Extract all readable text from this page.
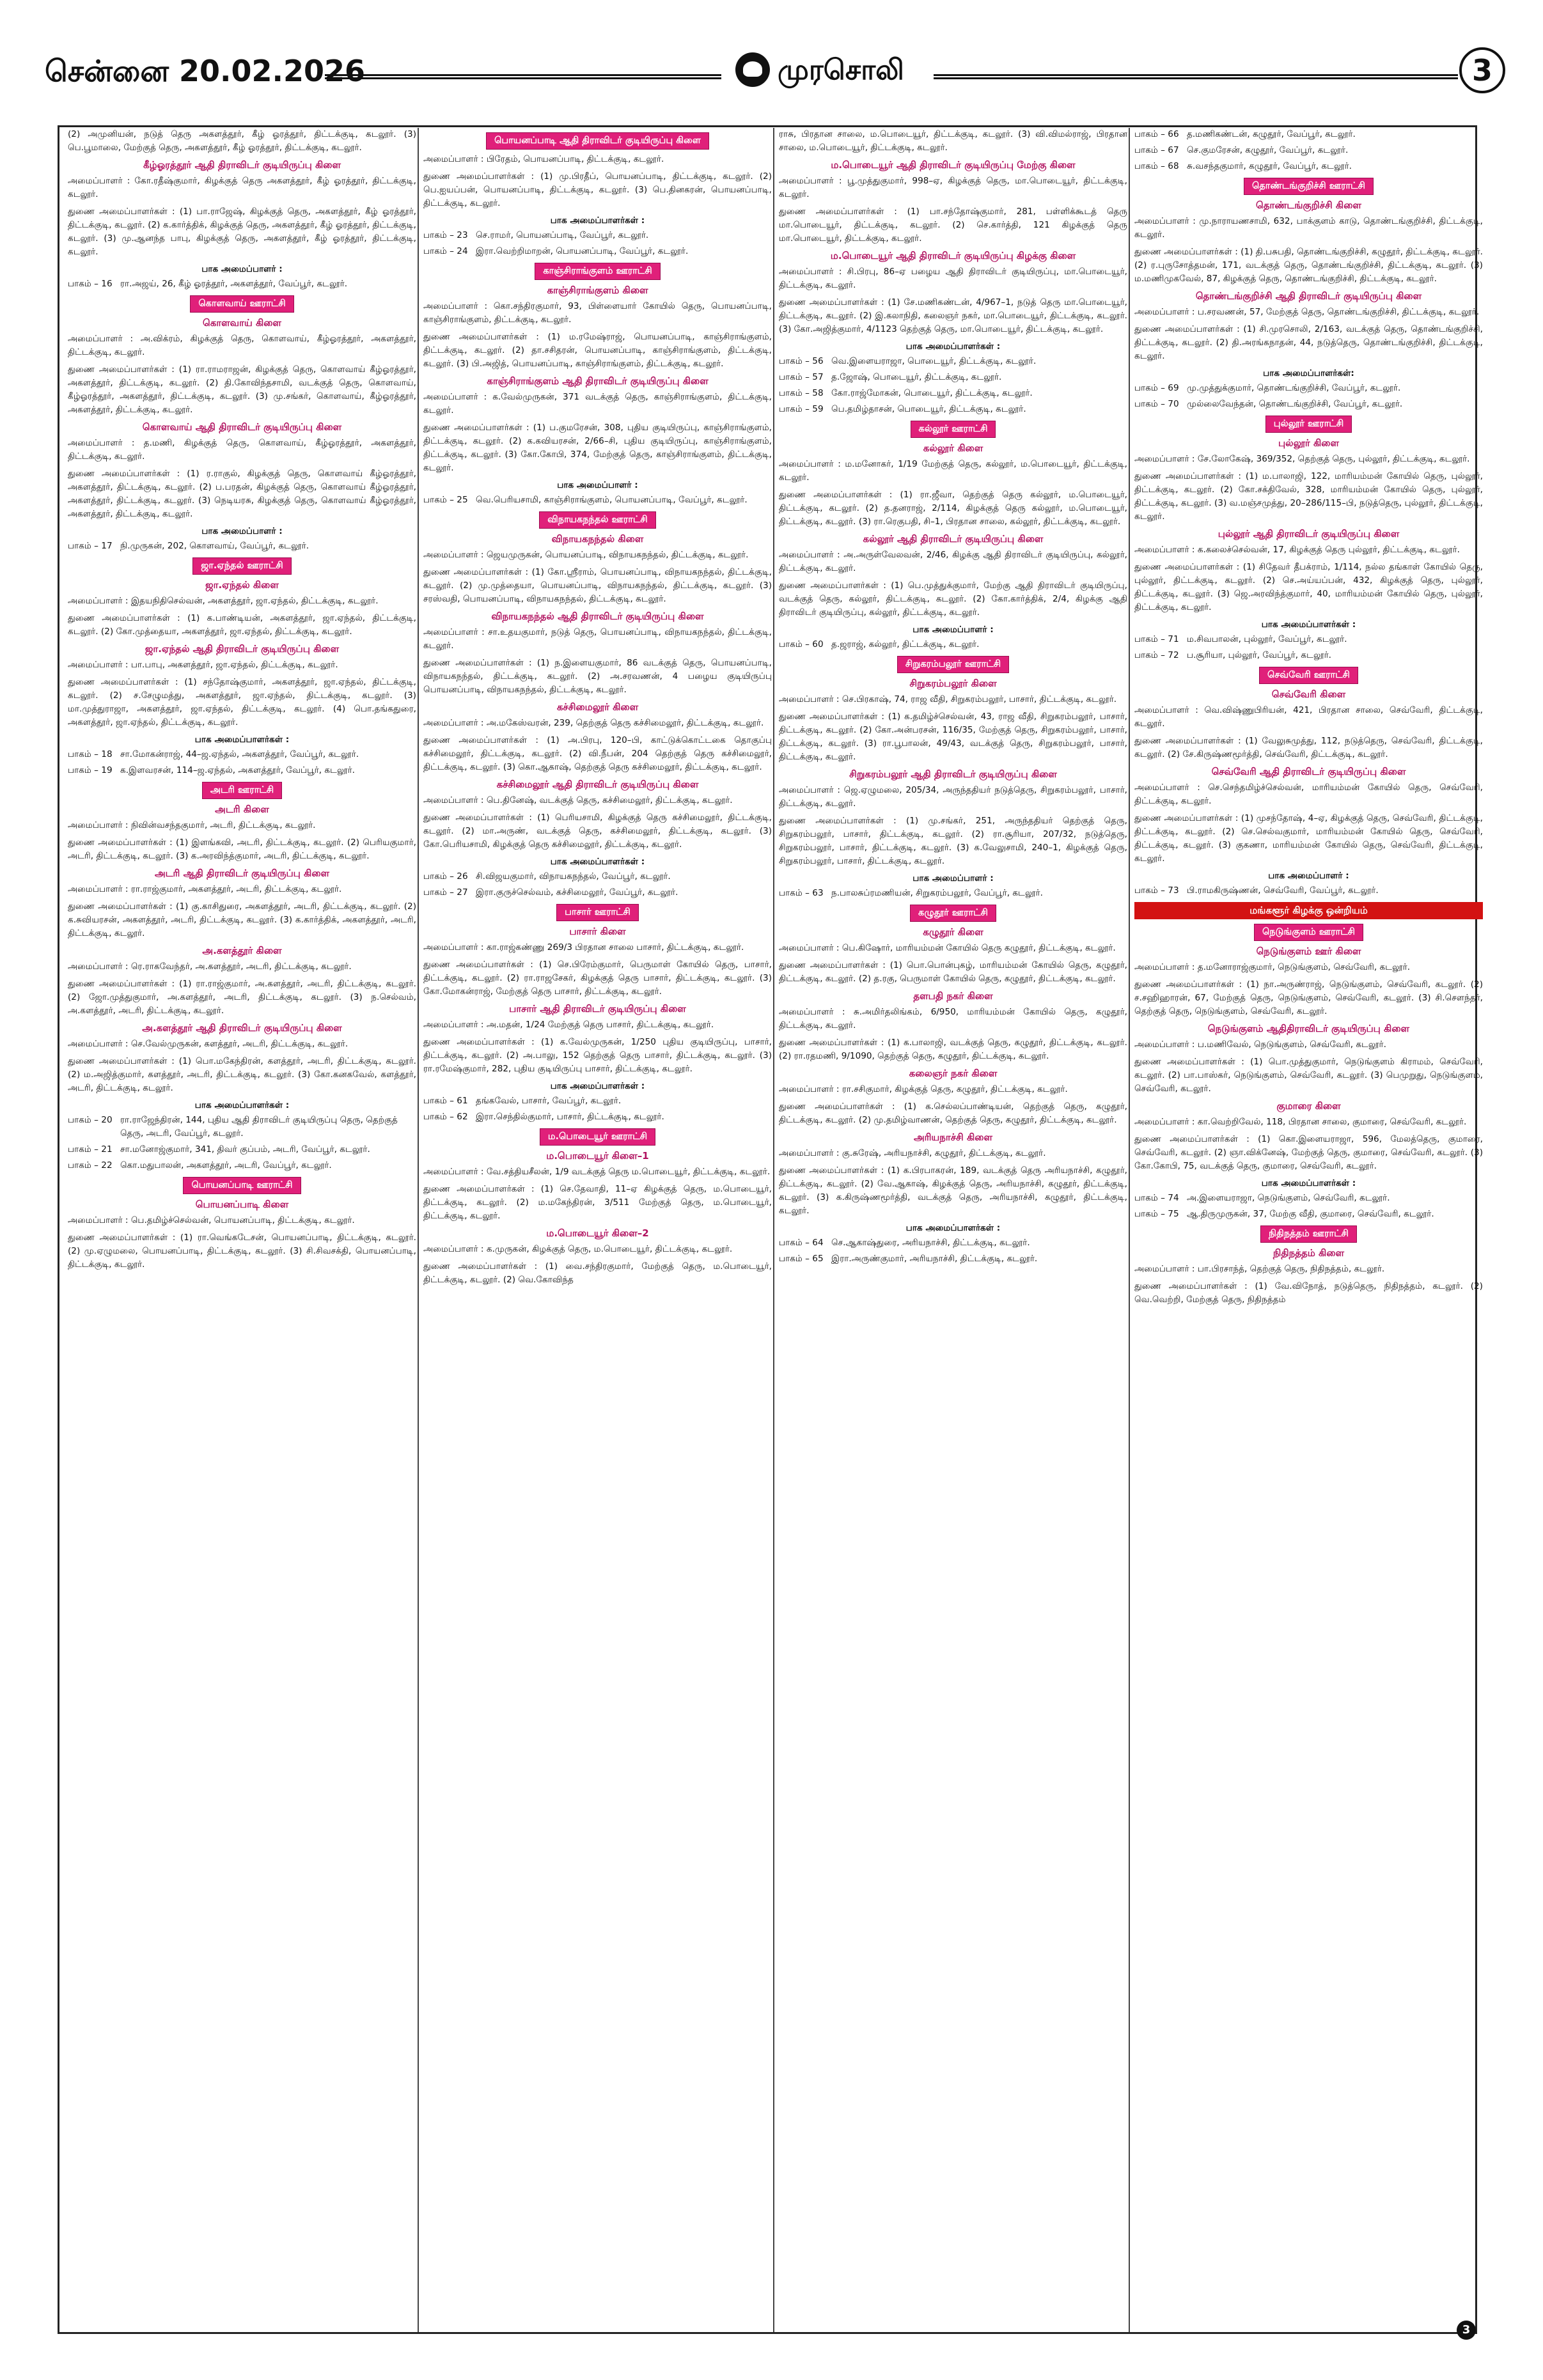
சென்னை 20.02.2026	முரசொலி	3
(2) அமுனியன், நடுத் தெரு அகளத்தூர், கீழ் ஓரத்தூர், திட்டக்குடி, கடலூர். (3) பெ.பூமாலை, மேற்குத் தெரு, அகளத்தூர், கீழ் ஓரத்தூர், திட்டக்குடி, கடலூர்.
கீழ்ஓரத்தூர் ஆதி திராவிடர் குடியிருப்பு கிளை
அமைப்பாளர் : கோ.ரதீஷ்குமார், கிழக்குத் தெரு அகளத்தூர், கீழ் ஓரத்தூர், திட்டக்குடி, கடலூர்.
துணை அமைப்பாளர்கள் : (1) பா.ராஜேஷ், கிழக்குத் தெரு, அகளத்தூர், கீழ் ஓரத்தூர், திட்டக்குடி, கடலூர். (2) க.கார்த்திக், கிழக்குத் தெரு, அகளத்தூர், கீழ் ஓரத்தூர், திட்டக்குடி, கடலூர். (3) மு.ஆனந்த பாபு, கிழக்குத் தெரு, அகளத்தூர், கீழ் ஓரத்தூர், திட்டக்குடி, கடலூர்.
பாக அமைப்பாளர் :
பாகம் – 16 ரா.அஜய், 26, கீழ் ஓரத்தூர், அகளத்தூர், வேப்பூர், கடலூர்.
கொளவாய் ஊராட்சி
கொளவாய் கிளை
அமைப்பாளர் : அ.விக்ரம், கிழக்குத் தெரு, கொளவாய், கீழ்ஓரத்தூர், அகளத்தூர், திட்டக்குடி, கடலூர்.
துணை அமைப்பாளர்கள் : (1) ரா.ராமராஜன், கிழக்குத் தெரு, கொளவாய் கீழ்ஓரத்தூர், அகளத்தூர், திட்டக்குடி, கடலூர். (2) தி.கோவிந்தசாமி, வடக்குத் தெரு, கொளவாய், கீழ்ஓரத்தூர், அகளத்தூர், திட்டக்குடி, கடலூர். (3) மு.சங்கர், கொளவாய், கீழ்ஓரத்தூர், அகளத்தூர், திட்டக்குடி, கடலூர்.
கொளவாய் ஆதி திராவிடர் குடியிருப்பு கிளை
அமைப்பாளர் : த.மணி, கிழக்குத் தெரு, கொளவாய், கீழ்ஓரத்தூர், அகளத்தூர், திட்டக்குடி, கடலூர்.
துணை அமைப்பாளர்கள் : (1) ர.ராகுல், கிழக்குத் தெரு, கொளவாய் கீழ்ஓரத்தூர், அகளத்தூர், திட்டக்குடி, கடலூர். (2) ப.பரதன், கிழக்குத் தெரு, கொளவாய் கீழ்ஓரத்தூர், அகளத்தூர், திட்டக்குடி, கடலூர். (3) நெடியரசு, கிழக்குத் தெரு, கொளவாய் கீழ்ஓரத்தூர், அகளத்தூர், திட்டக்குடி, கடலூர்.
பாக அமைப்பாளர் :
பாகம் – 17 நி.முருகன், 202, கொளவாய், வேப்பூர், கடலூர்.
ஜா.ஏந்தல் ஊராட்சி
ஜா.ஏந்தல் கிளை
அமைப்பாளர் : இதயநிதிசெல்வன், அகளத்தூர், ஜா.ஏந்தல், திட்டக்குடி, கடலூர்.
துணை அமைப்பாளர்கள் : (1) க.பாண்டியன், அகளத்தூர், ஜா.ஏந்தல், திட்டக்குடி, கடலூர். (2) கோ.முத்தையா, அகளத்தூர், ஜா.ஏந்தல், திட்டக்குடி, கடலூர்.
ஜா.ஏந்தல் ஆதி திராவிடர் குடியிருப்பு கிளை
அமைப்பாளர் : பா.பாபு, அகளத்தூர், ஜா.ஏந்தல், திட்டக்குடி, கடலூர்.
துணை அமைப்பாளர்கள் : (1) சந்தோஷ்குமார், அகளத்தூர், ஜா.ஏந்தல், திட்டக்குடி, கடலூர். (2) ச.சேழுமத்து, அகளத்தூர், ஜா.ஏந்தல், திட்டக்குடி, கடலூர். (3) மா.முத்துராஜா, அகளத்தூர், ஜா.ஏந்தல், திட்டக்குடி, கடலூர். (4) பொ.தங்கதுரை, அகளத்தூர், ஜா.ஏந்தல், திட்டக்குடி, கடலூர்.
பாக அமைப்பாளர்கள் :
பாகம் – 18 சா.மோகன்ராஜ், 44–ஜ.ஏந்தல், அகளத்தூர், வேப்பூர், கடலூர்.
பாகம் – 19 க.இளவரசன், 114–ஜ.ஏந்தல், அகளத்தூர், வேப்பூர், கடலூர்.
அடரி ஊராட்சி
அடரி கிளை
அமைப்பாளர் : நிவின்வசந்தகுமார், அடரி, திட்டக்குடி, கடலூர்.
துணை அமைப்பாளர்கள் : (1) இளங்கவி, அடரி, திட்டக்குடி, கடலூர். (2) பெரியகுமார், அடரி, திட்டக்குடி, கடலூர். (3) க.அரவிந்த்குமார், அடரி, திட்டக்குடி, கடலூர்.
அடரி ஆதி திராவிடர் குடியிருப்பு கிளை
அமைப்பாளர் : ரா.ராஜ்குமார், அகளத்தூர், அடரி, திட்டக்குடி, கடலூர்.
துணை அமைப்பாளர்கள் : (1) கு.காசிதுரை, அகளத்தூர், அடரி, திட்டக்குடி, கடலூர். (2) க.சுவியரசன், அகளத்தூர், அடரி, திட்டக்குடி, கடலூர். (3) க.கார்த்திக், அகளத்தூர், அடரி, திட்டக்குடி, கடலூர்.
அ.களத்தூர் கிளை
அமைப்பாளர் : ரெ.ராகவேந்தர், அ.களத்தூர், அடரி, திட்டக்குடி, கடலூர்.
துணை அமைப்பாளர்கள் : (1) ரா.ராஜ்குமார், அ.களத்தூர், அடரி, திட்டக்குடி, கடலூர். (2) ஜோ.முத்துகுமார், அ.களத்தூர், அடரி, திட்டக்குடி, கடலூர். (3) ந.செல்வம், அ.களத்தூர், அடரி, திட்டக்குடி, கடலூர்.
அ.களத்தூர் ஆதி திராவிடர் குடியிருப்பு கிளை
அமைப்பாளர் : செ.வேல்முருகன், களத்தூர், அடரி, திட்டக்குடி, கடலூர்.
துணை அமைப்பாளர்கள் : (1) பொ.மகேந்திரன், களத்தூர், அடரி, திட்டக்குடி, கடலூர். (2) ம.அஜித்குமார், களத்தூர், அடரி, திட்டக்குடி, கடலூர். (3) கோ.கனகவேல், களத்தூர், அடரி, திட்டக்குடி, கடலூர்.
பாக அமைப்பாளர்கள் :
பாகம் – 20 ரா.ராஜேந்திரன், 144, புதிய ஆதி திராவிடர் குடியிருப்பு தெரு, தெற்குத் தெரு, அடரி, வேப்பூர், கடலூர்.
பாகம் – 21 சா.மனோஜ்குமார், 341, திவர் குப்பம், அடரி, வேப்பூர், கடலூர்.
பாகம் – 22 கொ.மதுபாலன், அகளத்தூர், அடரி, வேப்பூர், கடலூர்.
பொயனப்பாடி ஊராட்சி
பொயனப்பாடி கிளை
அமைப்பாளர் : பெ.தமிழ்ச்செல்வன், பொயனப்பாடி, திட்டக்குடி, கடலூர்.
துணை அமைப்பாளர்கள் : (1) ரா.வெங்கடேசன், பொயனப்பாடி, திட்டக்குடி, கடலூர். (2) மு.ஏழுமலை, பொயனப்பாடி, திட்டக்குடி, கடலூர். (3) சி.சிவசக்தி, பொயனப்பாடி, திட்டக்குடி, கடலூர்.
பொயனப்பாடி ஆதி திராவிடர் குடியிருப்பு கிளை
அமைப்பாளர் : பிரேதம், பொயனப்பாடி, திட்டக்குடி, கடலூர்.
துணை அமைப்பாளர்கள் : (1) மு.பிரதீப், பொயனப்பாடி, திட்டக்குடி, கடலூர். (2) பெ.ஐயப்பன், பொயனப்பாடி, திட்டக்குடி, கடலூர். (3) பெ.தினகரன், பொயனப்பாடி, திட்டக்குடி, கடலூர்.
பாக அமைப்பாளர்கள் :
பாகம் – 23 செ.ராமர், பொயனப்பாடி, வேப்பூர், கடலூர்.
பாகம் – 24 இரா.வெற்றிமாறன், பொயனப்பாடி, வேப்பூர், கடலூர்.
காஞ்சிராங்குளம் ஊராட்சி
காஞ்சிராங்குளம் கிளை
அமைப்பாளர் : கொ.சந்திரகுமார், 93, பிள்ளையார் கோயில் தெரு, பொயனப்பாடி, காஞ்சிராங்குளம், திட்டக்குடி, கடலூர்.
துணை அமைப்பாளர்கள் : (1) ம.ரமேஷ்ராஜ், பொயனப்பாடி, காஞ்சிராங்குளம், திட்டக்குடி, கடலூர். (2) தா.சசிதரன், பொயனப்பாடி, காஞ்சிராங்குளம், திட்டக்குடி, கடலூர். (3) பி.அஜித், பொயனப்பாடி, காஞ்சிராங்குளம், திட்டக்குடி, கடலூர்.
காஞ்சிராங்குளம் ஆதி திராவிடர் குடியிருப்பு கிளை
அமைப்பாளர் : க.வேல்முருகன், 371 வடக்குத் தெரு, காஞ்சிராங்குளம், திட்டக்குடி, கடலூர்.
துணை அமைப்பாளர்கள் : (1) ப.குமரேசன், 308, புதிய குடியிருப்பு, காஞ்சிராங்குளம், திட்டக்குடி, கடலூர். (2) க.கவியரசன், 2/66–சி, புதிய குடியிருப்பு, காஞ்சிராங்குளம், திட்டக்குடி, கடலூர். (3) கோ.கோபி, 374, மேற்குத் தெரு, காஞ்சிராங்குளம், திட்டக்குடி, கடலூர்.
பாக அமைப்பாளர் :
பாகம் – 25 வெ.பெரியசாமி, காஞ்சிராங்குளம், பொயனப்பாடி, வேப்பூர், கடலூர்.
விநாயகநந்தல் ஊராட்சி
விநாயகநந்தல் கிளை
அமைப்பாளர் : ஜெயமுருகன், பொயனப்பாடி, விநாயகநந்தல், திட்டக்குடி, கடலூர்.
துணை அமைப்பாளர்கள் : (1) கோ.ஸ்ரீராம், பொயனப்பாடி, விநாயகநந்தல், திட்டக்குடி, கடலூர். (2) மு.முத்தையா, பொயனப்பாடி, விநாயகநந்தல், திட்டக்குடி, கடலூர். (3) சரஸ்வதி, பொயனப்பாடி, விநாயகநந்தல், திட்டக்குடி, கடலூர்.
விநாயகநந்தல் ஆதி திராவிடர் குடியிருப்பு கிளை
அமைப்பாளர் : சா.உதயகுமார், நடுத் தெரு, பொயனப்பாடி, விநாயகநந்தல், திட்டக்குடி, கடலூர்.
துணை அமைப்பாளர்கள் : (1) ந.இளையகுமார், 86 வடக்குத் தெரு, பொயனப்பாடி, விநாயகநந்தல், திட்டக்குடி, கடலூர். (2) அ.சரவணன், 4 பழைய குடியிருப்பு பொயனப்பாடி, விநாயகநந்தல், திட்டக்குடி, கடலூர்.
கச்சிமைலூர் கிளை
அமைப்பாளர் : அ.மகேஸ்வரன், 239, தெற்குத் தெரு கச்சிமைலூர், திட்டக்குடி, கடலூர்.
துணை அமைப்பாளர்கள் : (1) அ.பிரபு, 120–பி, காட்டுக்கொட்டகை தொகுப்பு கச்சிமைலூர், திட்டக்குடி, கடலூர். (2) வி.நீபன், 204 தெற்குத் தெரு கச்சிமைலூர், திட்டக்குடி, கடலூர். (3) கொ.ஆகாஷ், தெற்குத் தெரு கச்சிமைலூர், திட்டக்குடி, கடலூர்.
கச்சிமைலூர் ஆதி திராவிடர் குடியிருப்பு கிளை
அமைப்பாளர் : பெ.தினேஷ், வடக்குத் தெரு, கச்சிமைலூர், திட்டக்குடி, கடலூர்.
துணை அமைப்பாளர்கள் : (1) பெரியசாமி, கிழக்குத் தெரு கச்சிமைலூர், திட்டக்குடி, கடலூர். (2) மா.அருண், வடக்குத் தெரு, கச்சிமைலூர், திட்டக்குடி, கடலூர். (3) கோ.பெரியசாமி, கிழக்குத் தெரு கச்சிமைலூர், திட்டக்குடி, கடலூர்.
பாக அமைப்பாளர்கள் :
பாகம் – 26 சி.விஜயகுமார், விநாயகநந்தல், வேப்பூர், கடலூர்.
பாகம் – 27 இரா.குருச்செல்வம், கச்சிமைலூர், வேப்பூர், கடலூர்.
பாசார் ஊராட்சி
பாசார் கிளை
அமைப்பாளர் : கா.ராஜ்கண்ணு 269/3 பிரதான சாலை பாசார், திட்டக்குடி, கடலூர்.
துணை அமைப்பாளர்கள் : (1) செ.பிரேம்குமார், பெருமாள் கோயில் தெரு, பாசார், திட்டக்குடி, கடலூர். (2) ரா.ராஜசேகர், கிழக்குத் தெரு பாசார், திட்டக்குடி, கடலூர். (3) கோ.மோகன்ராஜ், மேற்குத் தெரு பாசார், திட்டக்குடி, கடலூர்.
பாசார் ஆதி திராவிடர் குடியிருப்பு கிளை
அமைப்பாளர் : அ.மதன், 1/24 மேற்குத் தெரு பாசார், திட்டக்குடி, கடலூர்.
துணை அமைப்பாளர்கள் : (1) க.வேல்முருகன், 1/250 புதிய குடியிருப்பு, பாசார், திட்டக்குடி, கடலூர். (2) அ.பாலு, 152 தெற்குத் தெரு பாசார், திட்டக்குடி, கடலூர். (3) ரா.ரமேஷ்குமார், 282, புதிய குடியிருப்பு பாசார், திட்டக்குடி, கடலூர்.
பாக அமைப்பாளர்கள் :
பாகம் – 61 தங்கவேல், பாசார், வேப்பூர், கடலூர்.
பாகம் – 62 இரா.செந்தில்குமார், பாசார், திட்டக்குடி, கடலூர்.
ம.பொடையூர் ஊராட்சி
ம.பொடையூர் கிளை–1
அமைப்பாளர் : வே.சத்தியசீலன், 1/9 வடக்குத் தெரு ம.பொடையூர், திட்டக்குடி, கடலூர்.
துணை அமைப்பாளர்கள் : (1) செ.தேவாதி, 11–ஏ கிழக்குத் தெரு, ம.பொடையூர், திட்டக்குடி, கடலூர். (2) ம.மகேந்திரன், 3/511 மேற்குத் தெரு, ம.பொடையூர், திட்டக்குடி, கடலூர்.
ம.பொடையூர் கிளை–2
அமைப்பாளர் : க.முருகன், கிழக்குத் தெரு, ம.பொடையூர், திட்டக்குடி, கடலூர்.
துணை அமைப்பாளர்கள் : (1) வை.சந்திரகுமார், மேற்குத் தெரு, ம.பொடையூர், திட்டக்குடி, கடலூர். (2) வெ.கோவிந்த
ராசு, பிரதான சாலை, ம.பொடையூர், திட்டக்குடி, கடலூர். (3) வி.விமல்ராஜ், பிரதான சாலை, ம.பொடையூர், திட்டக்குடி, கடலூர்.
ம.பொடையூர் ஆதி திராவிடர் குடியிருப்பு மேற்கு கிளை
அமைப்பாளர் : பூ.முத்துகுமார், 998–ஏ, கிழக்குத் தெரு, மா.பொடையூர், திட்டக்குடி, கடலூர்.
துணை அமைப்பாளர்கள் : (1) பா.சந்தோஷ்குமார், 281, பள்ளிக்கூடத் தெரு மா.பொடையூர், திட்டக்குடி, கடலூர். (2) செ.கார்த்தி, 121 கிழக்குத் தெரு மா.பொடையூர், திட்டக்குடி, கடலூர்.
ம.பொடையூர் ஆதி திராவிடர் குடியிருப்பு கிழக்கு கிளை
அமைப்பாளர் : சி.பிரபு, 86–ஏ பழைய ஆதி திராவிடர் குடியிருப்பு, மா.பொடையூர், திட்டக்குடி, கடலூர்.
துணை அமைப்பாளர்கள் : (1) சே.மணிகண்டன், 4/967–1, நடுத் தெரு மா.பொடையூர், திட்டக்குடி, கடலூர். (2) இ.கலாநிதி, கலைஞர் நகர், மா.பொடையூர், திட்டக்குடி, கடலூர். (3) கோ.அஜித்குமார், 4/1123 தெற்குத் தெரு, மா.பொடையூர், திட்டக்குடி, கடலூர்.
பாக அமைப்பாளர்கள் :
பாகம் – 56 வெ.இளையராஜா, பொடையூர், திட்டக்குடி, கடலூர்.
பாகம் – 57 த.ஜோஷ், பொடையூர், திட்டக்குடி, கடலூர்.
பாகம் – 58 கோ.ராஜ்மோகன், பொடையூர், திட்டக்குடி, கடலூர்.
பாகம் – 59 பெ.தமிழ்தாசன், பொடையூர், திட்டக்குடி, கடலூர்.
கல்லூர் ஊராட்சி
கல்லூர் கிளை
அமைப்பாளர் : ம.மனோகர், 1/19 மேற்குத் தெரு, கல்லூர், ம.பொடையூர், திட்டக்குடி, கடலூர்.
துணை அமைப்பாளர்கள் : (1) ரா.ஜீவா, தெற்குத் தெரு கல்லூர், ம.பொடையூர், திட்டக்குடி, கடலூர். (2) த.தனராஜ், 2/114, கிழக்குத் தெரு கல்லூர், ம.பொடையூர், திட்டக்குடி, கடலூர். (3) ரா.ரெகுபதி, சி–1, பிரதான சாலை, கல்லூர், திட்டக்குடி, கடலூர்.
கல்லூர் ஆதி திராவிடர் குடியிருப்பு கிளை
அமைப்பாளர் : அ.அருள்வேலவன், 2/46, கிழக்கு ஆதி திராவிடர் குடியிருப்பு, கல்லூர், திட்டக்குடி, கடலூர்.
துணை அமைப்பாளர்கள் : (1) பெ.முத்துக்குமார், மேற்கு ஆதி திராவிடர் குடியிருப்பு, வடக்குத் தெரு, கல்லூர், திட்டக்குடி, கடலூர். (2) கோ.கார்த்திக், 2/4, கிழக்கு ஆதி திராவிடர் குடியிருப்பு, கல்லூர், திட்டக்குடி, கடலூர்.
பாக அமைப்பாளர் :
பாகம் – 60 த.ஜராஜ், கல்லூர், திட்டக்குடி, கடலூர்.
சிறுகரம்பலூர் ஊராட்சி
சிறுகரம்பலூர் கிளை
அமைப்பாளர் : செ.பிரகாஷ், 74, ராஜ வீதி, சிறுகரம்பலூர், பாசார், திட்டக்குடி, கடலூர்.
துணை அமைப்பாளர்கள் : (1) க.தமிழ்ச்செல்வன், 43, ராஜ வீதி, சிறுகரம்பலூர், பாசார், திட்டக்குடி, கடலூர். (2) கோ.அன்பரசன், 116/35, மேற்குத் தெரு, சிறுகரம்பலூர், பாசார், திட்டக்குடி, கடலூர். (3) ரா.பூபாலன், 49/43, வடக்குத் தெரு, சிறுகரம்பலூர், பாசார், திட்டக்குடி, கடலூர்.
சிறுகரம்பலூர் ஆதி திராவிடர் குடியிருப்பு கிளை
அமைப்பாளர் : ஜெ.ஏழுமலை, 205/34, அருந்ததியர் நடுத்தெரு, சிறுகரம்பலூர், பாசார், திட்டக்குடி, கடலூர்.
துணை அமைப்பாளர்கள் : (1) மு.சங்கர், 251, அருந்ததியர் தெற்குத் தெரு, சிறுகரம்பலூர், பாசார், திட்டக்குடி, கடலூர். (2) ரா.சூரியா, 207/32, நடுத்தெரு, சிறுகரம்பலூர், பாசார், திட்டக்குடி, கடலூர். (3) க.வேலுசாமி, 240–1, கிழக்குத் தெரு, சிறுகரம்பலூர், பாசார், திட்டக்குடி, கடலூர்.
பாக அமைப்பாளர் :
பாகம் – 63 ந.பாலசுப்ரமணியன், சிறுகரம்பலூர், வேப்பூர், கடலூர்.
கழுதூர் ஊராட்சி
கழுதூர் கிளை
அமைப்பாளர் : பெ.கிஷோர், மாரியம்மன் கோயில் தெரு கழுதூர், திட்டக்குடி, கடலூர்.
துணை அமைப்பாளர்கள் : (1) பொ.பொன்புகழ், மாரியம்மன் கோயில் தெரு, கழுதூர், திட்டக்குடி, கடலூர். (2) த.ரகு, பெருமாள் கோயில் தெரு, கழுதூர், திட்டக்குடி, கடலூர்.
தளபதி நகர் கிளை
அமைப்பாளர் : சு.அமிர்தலிங்கம், 6/950, மாரியம்மன் கோயில் தெரு, கழுதூர், திட்டக்குடி, கடலூர்.
துணை அமைப்பாளர்கள் : (1) க.பாலாஜி, வடக்குத் தெரு, கழுதூர், திட்டக்குடி, கடலூர். (2) ரா.ரதமணி, 9/1090, தெற்குத் தெரு, கழுதூர், திட்டக்குடி, கடலூர்.
கலைஞர் நகர் கிளை
அமைப்பாளர் : ரா.சசிகுமார், கிழக்குத் தெரு, கழுதூர், திட்டக்குடி, கடலூர்.
துணை அமைப்பாளர்கள் : (1) க.செல்லப்பாண்டியன், தெற்குத் தெரு, கழுதூர், திட்டக்குடி, கடலூர். (2) மு.தமிழ்வாணன், தெற்குத் தெரு, கழுதூர், திட்டக்குடி, கடலூர்.
அரியநாச்சி கிளை
அமைப்பாளர் : கு.சுரேஷ், அரியநாச்சி, கழுதூர், திட்டக்குடி, கடலூர்.
துணை அமைப்பாளர்கள் : (1) க.பிரபாகரன், 189, வடக்குத் தெரு அரியநாச்சி, கழுதூர், திட்டக்குடி, கடலூர். (2) வே.ஆகாஷ், கிழக்குத் தெரு, அரியநாச்சி, கழுதூர், திட்டக்குடி, கடலூர். (3) க.கிருஷ்ணமூர்த்தி, வடக்குத் தெரு, அரியநாச்சி, கழுதூர், திட்டக்குடி, கடலூர்.
பாக அமைப்பாளர்கள் :
பாகம் – 64 செ.ஆகாஷ்துரை, அரியநாச்சி, திட்டக்குடி, கடலூர்.
பாகம் – 65 இரா.அருண்குமார், அரியநாச்சி, திட்டக்குடி, கடலூர்.
பாகம் – 66 த.மணிகண்டன், கழுதூர், வேப்பூர், கடலூர்.
பாகம் – 67 செ.குமரேசன், கழுதூர், வேப்பூர், கடலூர்.
பாகம் – 68 சு.வசந்தகுமார், கழுதூர், வேப்பூர், கடலூர்.
தொண்டங்குறிச்சி ஊராட்சி
தொண்டங்குறிச்சி கிளை
அமைப்பாளர் : மு.நாராயணசாமி, 632, பாக்குளம் காடு, தொண்டங்குறிச்சி, திட்டக்குடி, கடலூர்.
துணை அமைப்பாளர்கள் : (1) தி.பசுபதி, தொண்டங்குறிச்சி, கழுதூர், திட்டக்குடி, கடலூர். (2) ர.புருசோத்தமன், 171, வடக்குத் தெரு, தொண்டங்குறிச்சி, திட்டக்குடி, கடலூர். (3) ம.மணிமுகவேல், 87, கிழக்குத் தெரு, தொண்டங்குறிச்சி, திட்டக்குடி, கடலூர்.
தொண்டங்குறிச்சி ஆதி திராவிடர் குடியிருப்பு கிளை
அமைப்பாளர் : ப.சரவணன், 57, மேற்குத் தெரு, தொண்டங்குறிச்சி, திட்டக்குடி, கடலூர்.
துணை அமைப்பாளர்கள் : (1) சி.முரசொலி, 2/163, வடக்குத் தெரு, தொண்டங்குறிச்சி, திட்டக்குடி, கடலூர். (2) தி.அரங்கநாதன், 44, நடுத்தெரு, தொண்டங்குறிச்சி, திட்டக்குடி, கடலூர்.
பாக அமைப்பாளர்கள்:
பாகம் – 69 மு.முத்துக்குமார், தொண்டங்குறிச்சி, வேப்பூர், கடலூர்.
பாகம் – 70 முல்லைவேந்தன், தொண்டங்குறிச்சி, வேப்பூர், கடலூர்.
புல்லூர் ஊராட்சி
புல்லூர் கிளை
அமைப்பாளர் : சே.லோகேஷ், 369/352, தெற்குத் தெரு, புல்லூர், திட்டக்குடி, கடலூர்.
துணை அமைப்பாளர்கள் : (1) ம.பாலாஜி, 122, மாரியம்மன் கோயில் தெரு, புல்லூர், திட்டக்குடி, கடலூர். (2) கோ.சக்திவேல், 328, மாரியம்மன் கோயில் தெரு, புல்லூர், திட்டக்குடி, கடலூர். (3) வ.மஞ்சமுத்து, 20–286/115–பி, நடுத்தெரு, புல்லூர், திட்டக்குடி, கடலூர்.
புல்லூர் ஆதி திராவிடர் குடியிருப்பு கிளை
அமைப்பாளர் : க.கலைச்செல்வன், 17, கிழக்குத் தெரு புல்லூர், திட்டக்குடி, கடலூர்.
துணை அமைப்பாளர்கள் : (1) சிதேவர் தீபக்ராம், 1/114, நல்ல தங்காள் கோயில் தெரு, புல்லூர், திட்டக்குடி, கடலூர். (2) செ.அய்யப்பன், 432, கிழக்குத் தெரு, புல்லூர், திட்டக்குடி, கடலூர். (3) ஜெ.அரவிந்த்குமார், 40, மாரியம்மன் கோயில் தெரு, புல்லூர், திட்டக்குடி, கடலூர்.
பாக அமைப்பாளர்கள் :
பாகம் – 71 ம.சிவபாலன், புல்லூர், வேப்பூர், கடலூர்.
பாகம் – 72 ப.சூரியா, புல்லூர், வேப்பூர், கடலூர்.
செவ்வேரி ஊராட்சி
செவ்வேரி கிளை
அமைப்பாளர் : வெ.விஷ்ணுபிரியன், 421, பிரதான சாலை, செவ்வேரி, திட்டக்குடி, கடலூர்.
துணை அமைப்பாளர்கள் : (1) வேலுசுமுத்து, 112, நடுத்தெரு, செவ்வேரி, திட்டக்குடி, கடலூர். (2) சே.கிருஷ்ணமூர்த்தி, செவ்வேரி, திட்டக்குடி, கடலூர்.
செவ்வேரி ஆதி திராவிடர் குடியிருப்பு கிளை
அமைப்பாளர் : செ.செந்தமிழ்ச்செல்வன், மாரியம்மன் கோயில் தெரு, செவ்வேரி, திட்டக்குடி, கடலூர்.
துணை அமைப்பாளர்கள் : (1) முசந்தோஷ், 4–ஏ, கிழக்குத் தெரு, செவ்வேரி, திட்டக்குடி, திட்டக்குடி, கடலூர். (2) செ.செல்வகுமார், மாரியம்மன் கோயில் தெரு, செவ்வேரி, திட்டக்குடி, கடலூர். (3) குகணா, மாரியம்மன் கோயில் தெரு, செவ்வேரி, திட்டக்குடி, கடலூர்.
பாக அமைப்பாளர் :
பாகம் – 73 பி.ராமகிருஷ்ணன், செவ்வேரி, வேப்பூர், கடலூர்.
மங்களூர் கிழக்கு ஒன்றியம்
நெடுங்குளம் ஊராட்சி
நெடுங்குளம் ஊர் கிளை
அமைப்பாளர் : த.மனோராஜ்குமார், நெடுங்குளம், செவ்வேரி, கடலூர்.
துணை அமைப்பாளர்கள் : (1) நா.அருண்ராஜ், நெடுங்குளம், செவ்வேரி, கடலூர். (2) ச.சஹிஹாரன், 67, மேற்குத் தெரு, நெடுங்குளம், செவ்வேரி, கடலூர். (3) சி.சௌந்தர், தெற்குத் தெரு, நெடுங்குளம், செவ்வேரி, கடலூர்.
நெடுங்குளம் ஆதிதிராவிடர் குடியிருப்பு கிளை
அமைப்பாளர் : ப.மணிவேல், நெடுங்குளம், செவ்வேரி, கடலூர்.
துணை அமைப்பாளர்கள் : (1) பொ.முத்துகுமார், நெடுங்குளம் கிராமம், செவ்வேரி, கடலூர். (2) பா.பாஸ்கர், நெடுங்குளம், செவ்வேரி, கடலூர். (3) பெமுறுது, நெடுங்குளம், செவ்வேரி, கடலூர்.
குமாரை கிளை
அமைப்பாளர் : கா.வெற்றிவேல், 118, பிரதான சாலை, குமாரை, செவ்வேரி, கடலூர்.
துணை அமைப்பாளர்கள் : (1) கொ.இளையராஜா, 596, மேலத்தெரு, குமாரை, செவ்வேரி, கடலூர். (2) ஞா.விக்னேஷ், மேற்குத் தெரு, குமாரை, செவ்வேரி, கடலூர். (3) கோ.கோபி, 75, வடக்குத் தெரு, குமாரை, செவ்வேரி, கடலூர்.
பாக அமைப்பாளர்கள் :
பாகம் – 74 அ.இளையராஜா, நெடுங்குளம், செவ்வேரி, கடலூர்.
பாகம் – 75 ஆ.திருமுருகன், 37, மேற்கு வீதி, குமாரை, செவ்வேரி, கடலூர்.
நிதிநத்தம் ஊராட்சி
நிதிநத்தம் கிளை
அமைப்பாளர் : பா.பிரசாந்த், தெற்குத் தெரு, நிதிநத்தம், கடலூர்.
துணை அமைப்பாளர்கள் : (1) வே.விநோத், நடுத்தெரு, நிதிநத்தம், கடலூர். (2) வெ.வெற்றி, மேற்குத் தெரு, நிதிநத்தம்
3
